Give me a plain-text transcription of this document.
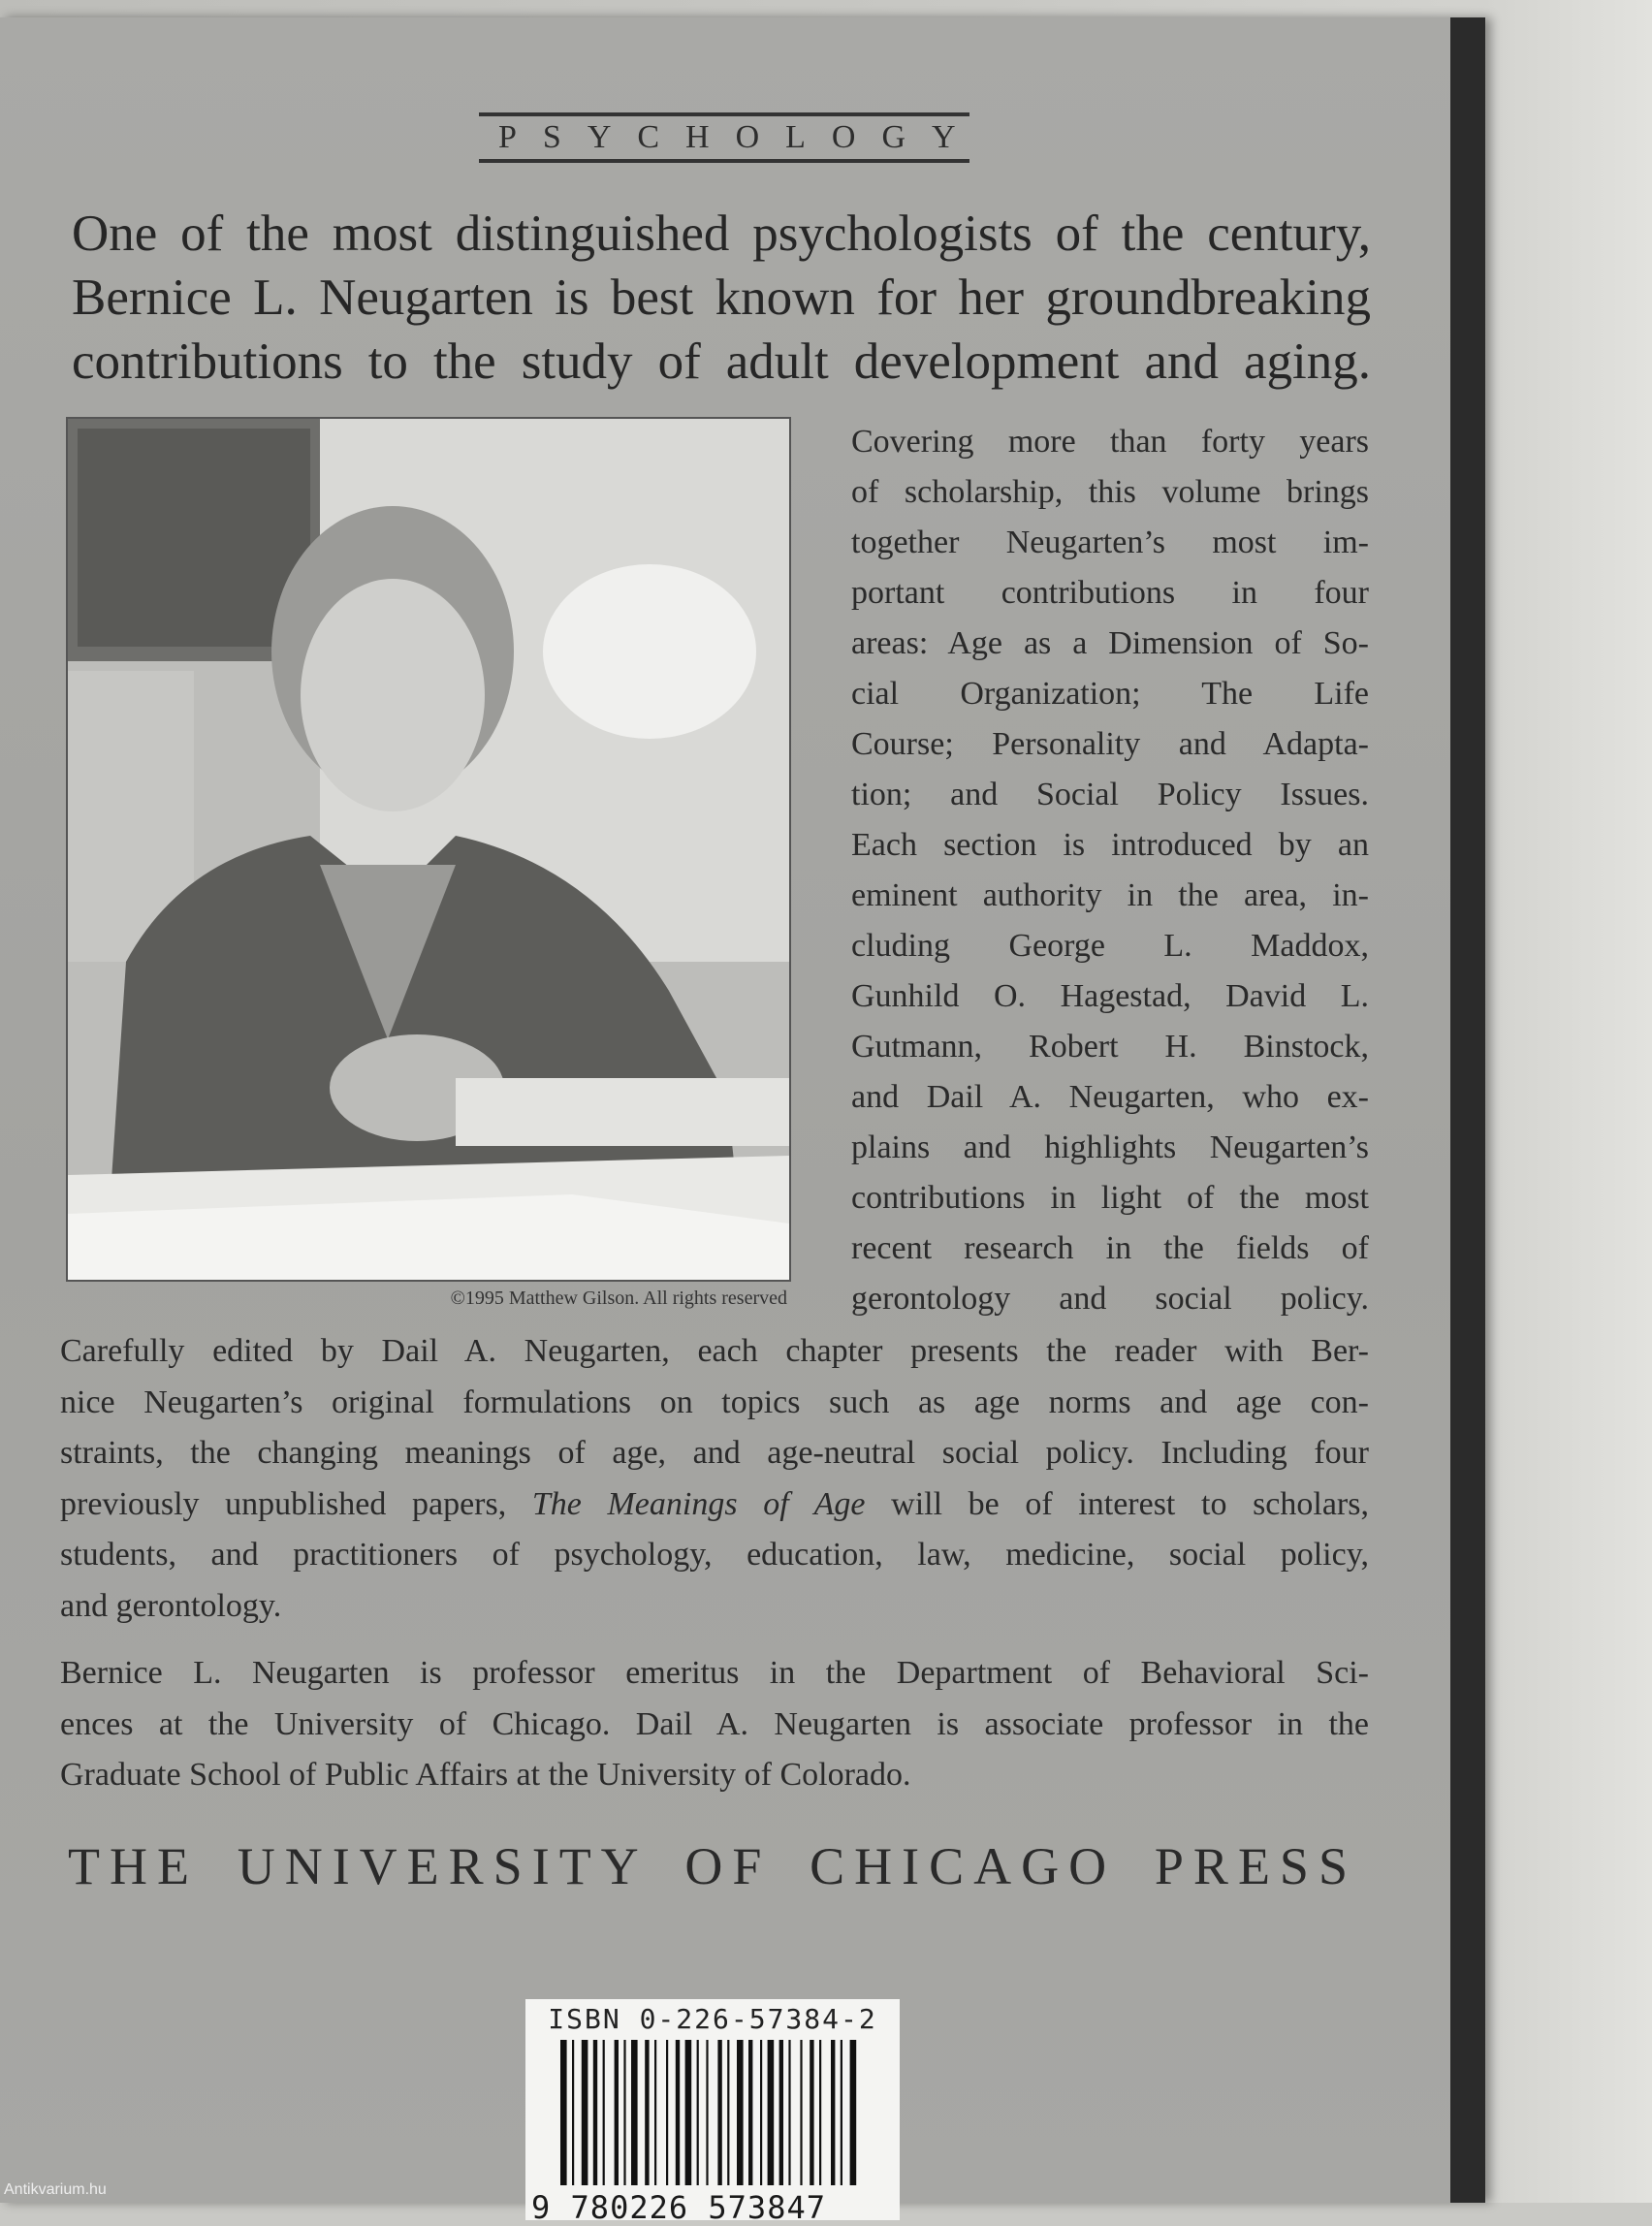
PSYCHOLOGY
One of the most distinguished psychologists of the century,
Bernice L. Neugarten is best known for her groundbreaking
contributions to the study of adult development and aging.
©1995 Matthew Gilson. All rights reserved
Covering more than forty years
of scholarship, this volume brings
together Neugarten’s most im-
portant contributions in four
areas: Age as a Dimension of So-
cial Organization; The Life
Course; Personality and Adapta-
tion; and Social Policy Issues.
Each section is introduced by an
eminent authority in the area, in-
cluding George L. Maddox,
Gunhild O. Hagestad, David L.
Gutmann, Robert H. Binstock,
and Dail A. Neugarten, who ex-
plains and highlights Neugarten’s
contributions in light of the most
recent research in the fields of
gerontology and social policy.
Carefully edited by Dail A. Neugarten, each chapter presents the reader with Ber-
nice Neugarten’s original formulations on topics such as age norms and age con-
straints, the changing meanings of age, and age-neutral social policy. Including four
previously unpublished papers, The Meanings of Age will be of interest to scholars,
students, and practitioners of psychology, education, law, medicine, social policy,
and gerontology.
Bernice L. Neugarten is professor emeritus in the Department of Behavioral Sci-
ences at the University of Chicago. Dail A. Neugarten is associate professor in the
Graduate School of Public Affairs at the University of Colorado.
THE UNIVERSITY OF CHICAGO PRESS
ISBN 0-226-57384-2
9 780226 573847
Antikvarium.hu
